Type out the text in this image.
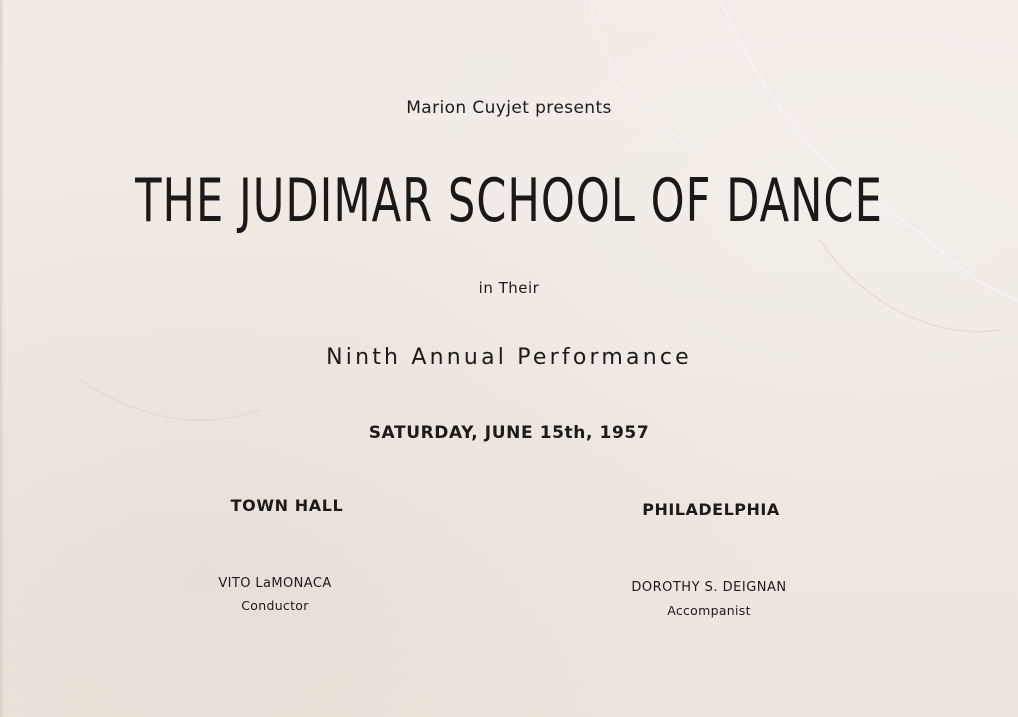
Marion Cuyjet presents
THE JUDIMAR SCHOOL OF DANCE
in Their
Ninth Annual Performance
SATURDAY, JUNE 15th, 1957
TOWN HALL	PHILADELPHIA
VITO LaMONACA
Conductor
DOROTHY S. DEIGNAN
Accompanist
